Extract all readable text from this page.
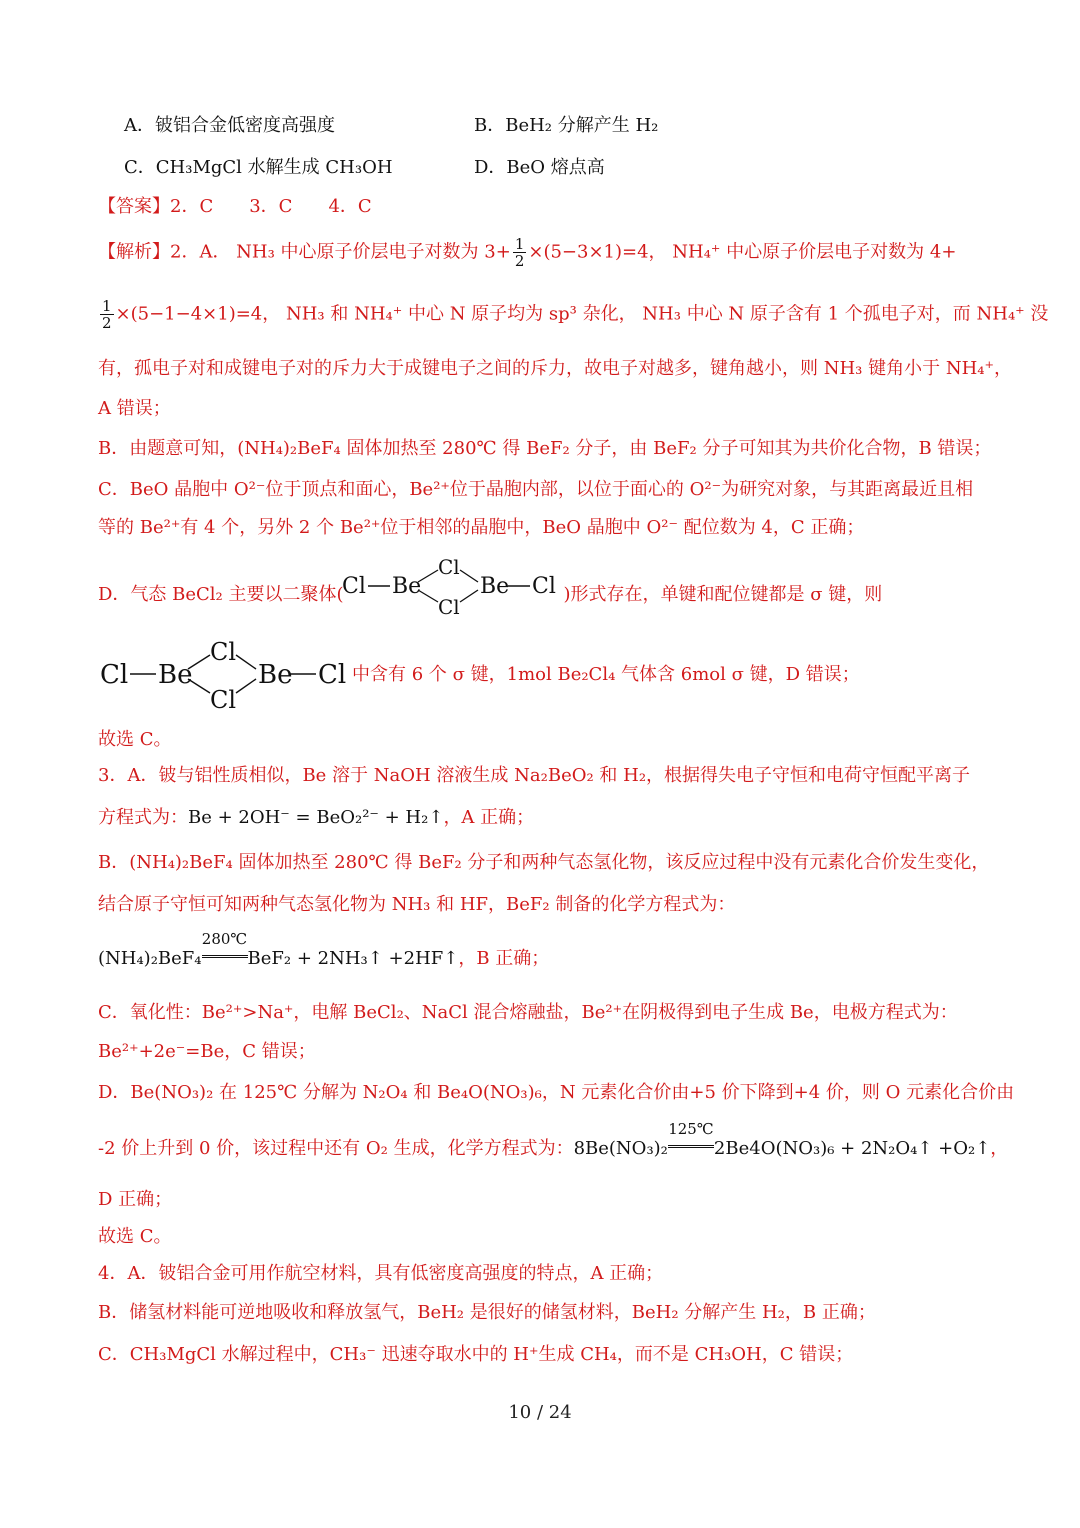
A．铍铝合金低密度高强度	B．BeH₂ 分解产生 H₂
C．CH₃MgCl 水解生成 CH₃OH	D．BeO 熔点高
【答案】2．C　　3．C　　4．C
【解析】2．A． NH₃ 中心原子价层电子对数为 $3+ \frac{1}{2} \times(5-3\times 1)=4$， NH₄⁺ 中心原子价层电子对数为 4+
$\frac{1}{2} \times(5-1-4\times 1)=4$， NH₃ 和 NH₄⁺ 中心 N 原子均为 sp³ 杂化， NH₃ 中心 N 原子含有 1 个孤电子对，而 NH₄⁺ 没
有，孤电子对和成键电子对的斥力大于成键电子之间的斥力，故电子对越多，键角越小，则 NH₃ 键角小于 NH₄⁺，
A 错误；
B．由题意可知，(NH₄)₂BeF₄ 固体加热至 280℃ 得 BeF₂ 分子，由 BeF₂ 分子可知其为共价化合物，B 错误；
C．BeO 晶胞中 O²⁻位于顶点和面心，Be²⁺位于晶胞内部，以位于面心的 O²⁻为研究对象，与其距离最近且相
等的 Be²⁺有 4 个，另外 2 个 Be²⁺位于相邻的晶胞中，BeO 晶胞中 O²⁻ 配位数为 4，C 正确；
D．气态 BeCl₂ 主要以二聚体(	)形式存在，单键和配位键都是 σ 键，则
Cl Be
Cl
Cl
Be Cl
Cl Be
Cl
Cl
Be Cl 中含有 6 个 σ 键，1mol Be₂Cl₄ 气体含 6mol σ 键，D 错误；
故选 C。
3．A．铍与铝性质相似，Be 溶于 NaOH 溶液生成 Na₂BeO₂ 和 H₂，根据得失电子守恒和电荷守恒配平离子
方程式为：Be + 2OH⁻ = BeO₂²⁻ + H₂↑，A 正确；
B．(NH₄)₂BeF₄ 固体加热至 280℃ 得 BeF₂ 分子和两种气态氢化物，该反应过程中没有元素化合价发生变化，
结合原子守恒可知两种气态氢化物为 NH₃ 和 HF，BeF₂ 制备的化学方程式为：
(NH₄)₂BeF₄
280℃
BeF₂ + 2NH₃↑ +2HF↑，B 正确；
C．氧化性：Be²⁺>Na⁺，电解 BeCl₂、NaCl 混合熔融盐，Be²⁺在阴极得到电子生成 Be，电极方程式为：
Be²⁺+2e⁻=Be，C 错误；
D．Be(NO₃)₂ 在 125℃ 分解为 N₂O₄ 和 Be₄O(NO₃)₆，N 元素化合价由+5 价下降到+4 价，则 O 元素化合价由
-2 价上升到 0 价，该过程中还有 O₂ 生成，化学方程式为：8Be(NO₃)₂
125℃
2Be4O(NO₃)₆ + 2N₂O₄↑ +O₂↑，
D 正确；
故选 C。
4．A．铍铝合金可用作航空材料，具有低密度高强度的特点，A 正确；
B．储氢材料能可逆地吸收和释放氢气，BeH₂ 是很好的储氢材料，BeH₂ 分解产生 H₂，B 正确；
C．CH₃MgCl 水解过程中，CH₃⁻ 迅速夺取水中的 H⁺生成 CH₄，而不是 CH₃OH，C 错误；
10 / 24
